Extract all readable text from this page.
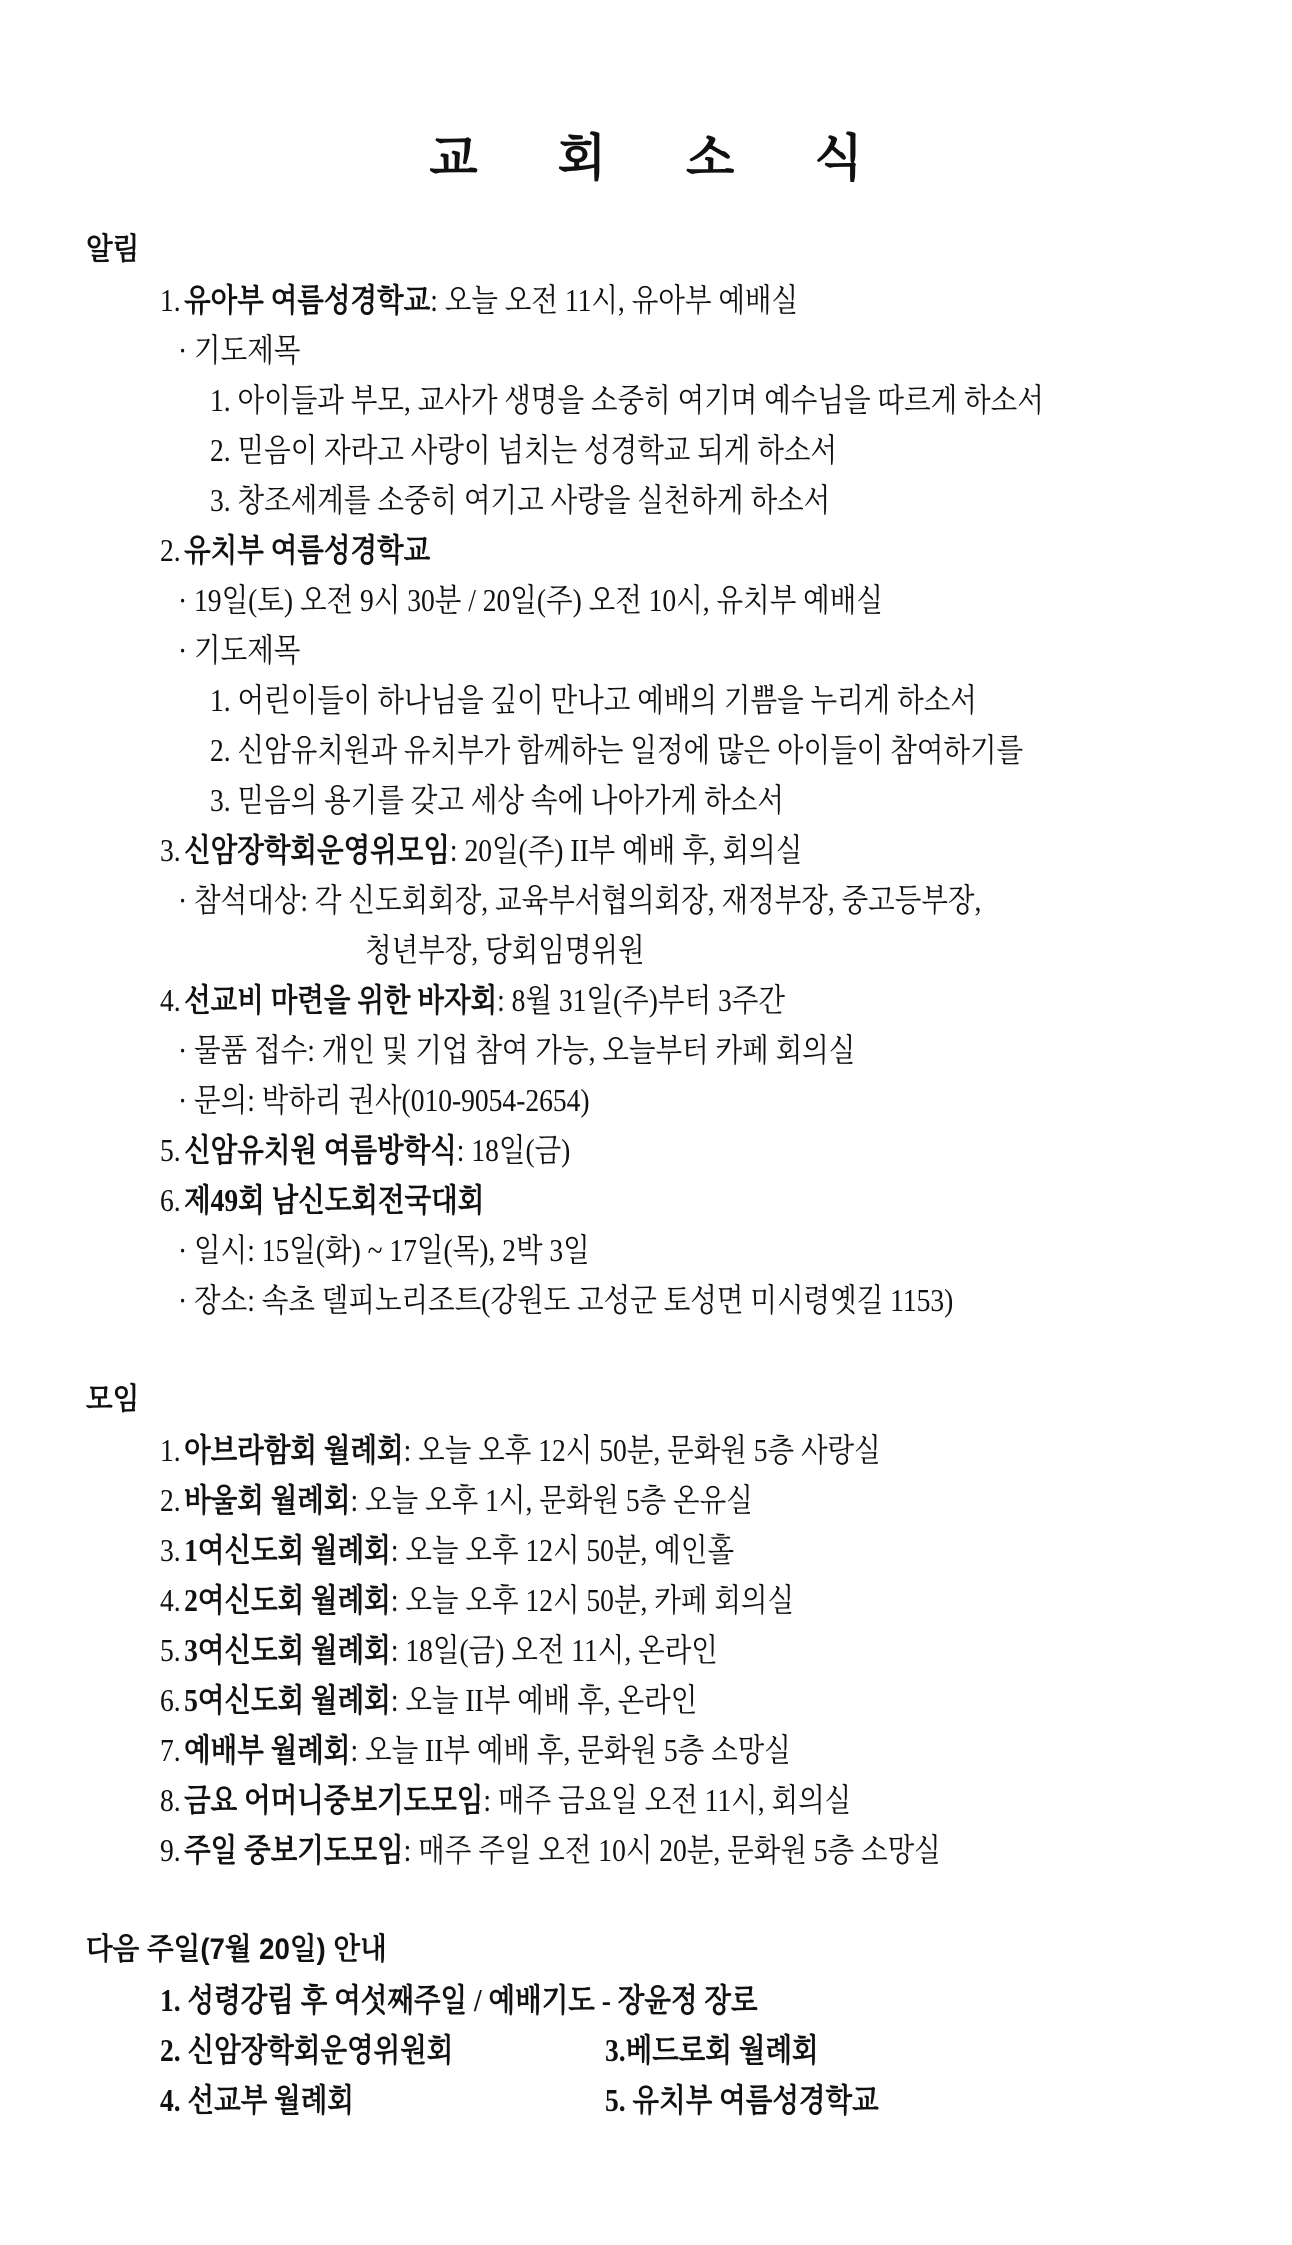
교 회 소 식
알림
1. 유아부 여름성경학교: 오늘 오전 11시, 유아부 예배실
· 기도제목
1. 아이들과 부모, 교사가 생명을 소중히 여기며 예수님을 따르게 하소서
2. 믿음이 자라고 사랑이 넘치는 성경학교 되게 하소서
3. 창조세계를 소중히 여기고 사랑을 실천하게 하소서
2. 유치부 여름성경학교
· 19일(토) 오전 9시 30분 / 20일(주) 오전 10시, 유치부 예배실
· 기도제목
1. 어린이들이 하나님을 깊이 만나고 예배의 기쁨을 누리게 하소서
2. 신암유치원과 유치부가 함께하는 일정에 많은 아이들이 참여하기를
3. 믿음의 용기를 갖고 세상 속에 나아가게 하소서
3. 신암장학회운영위모임: 20일(주) II부 예배 후, 회의실
· 참석대상: 각 신도회회장, 교육부서협의회장, 재정부장, 중고등부장,
청년부장, 당회임명위원
4. 선교비 마련을 위한 바자회: 8월 31일(주)부터 3주간
· 물품 접수: 개인 및 기업 참여 가능, 오늘부터 카페 회의실
· 문의: 박하리 권사(010-9054-2654)
5. 신암유치원 여름방학식: 18일(금)
6. 제49회 남신도회전국대회
· 일시: 15일(화) ~ 17일(목), 2박 3일
· 장소: 속초 델피노리조트(강원도 고성군 토성면 미시령옛길 1153)
모임
1. 아브라함회 월례회: 오늘 오후 12시 50분, 문화원 5층 사랑실
2. 바울회 월례회: 오늘 오후 1시, 문화원 5층 온유실
3. 1여신도회 월례회: 오늘 오후 12시 50분, 예인홀
4. 2여신도회 월례회: 오늘 오후 12시 50분, 카페 회의실
5. 3여신도회 월례회: 18일(금) 오전 11시, 온라인
6. 5여신도회 월례회: 오늘 II부 예배 후, 온라인
7. 예배부 월례회: 오늘 II부 예배 후, 문화원 5층 소망실
8. 금요 어머니중보기도모임: 매주 금요일 오전 11시, 회의실
9. 주일 중보기도모임: 매주 주일 오전 10시 20분, 문화원 5층 소망실
다음 주일(7월 20일) 안내
1. 성령강림 후 여섯째주일 / 예배기도 - 장윤정 장로
2. 신암장학회운영위원회	3.베드로회 월례회
4. 선교부 월례회	5. 유치부 여름성경학교
